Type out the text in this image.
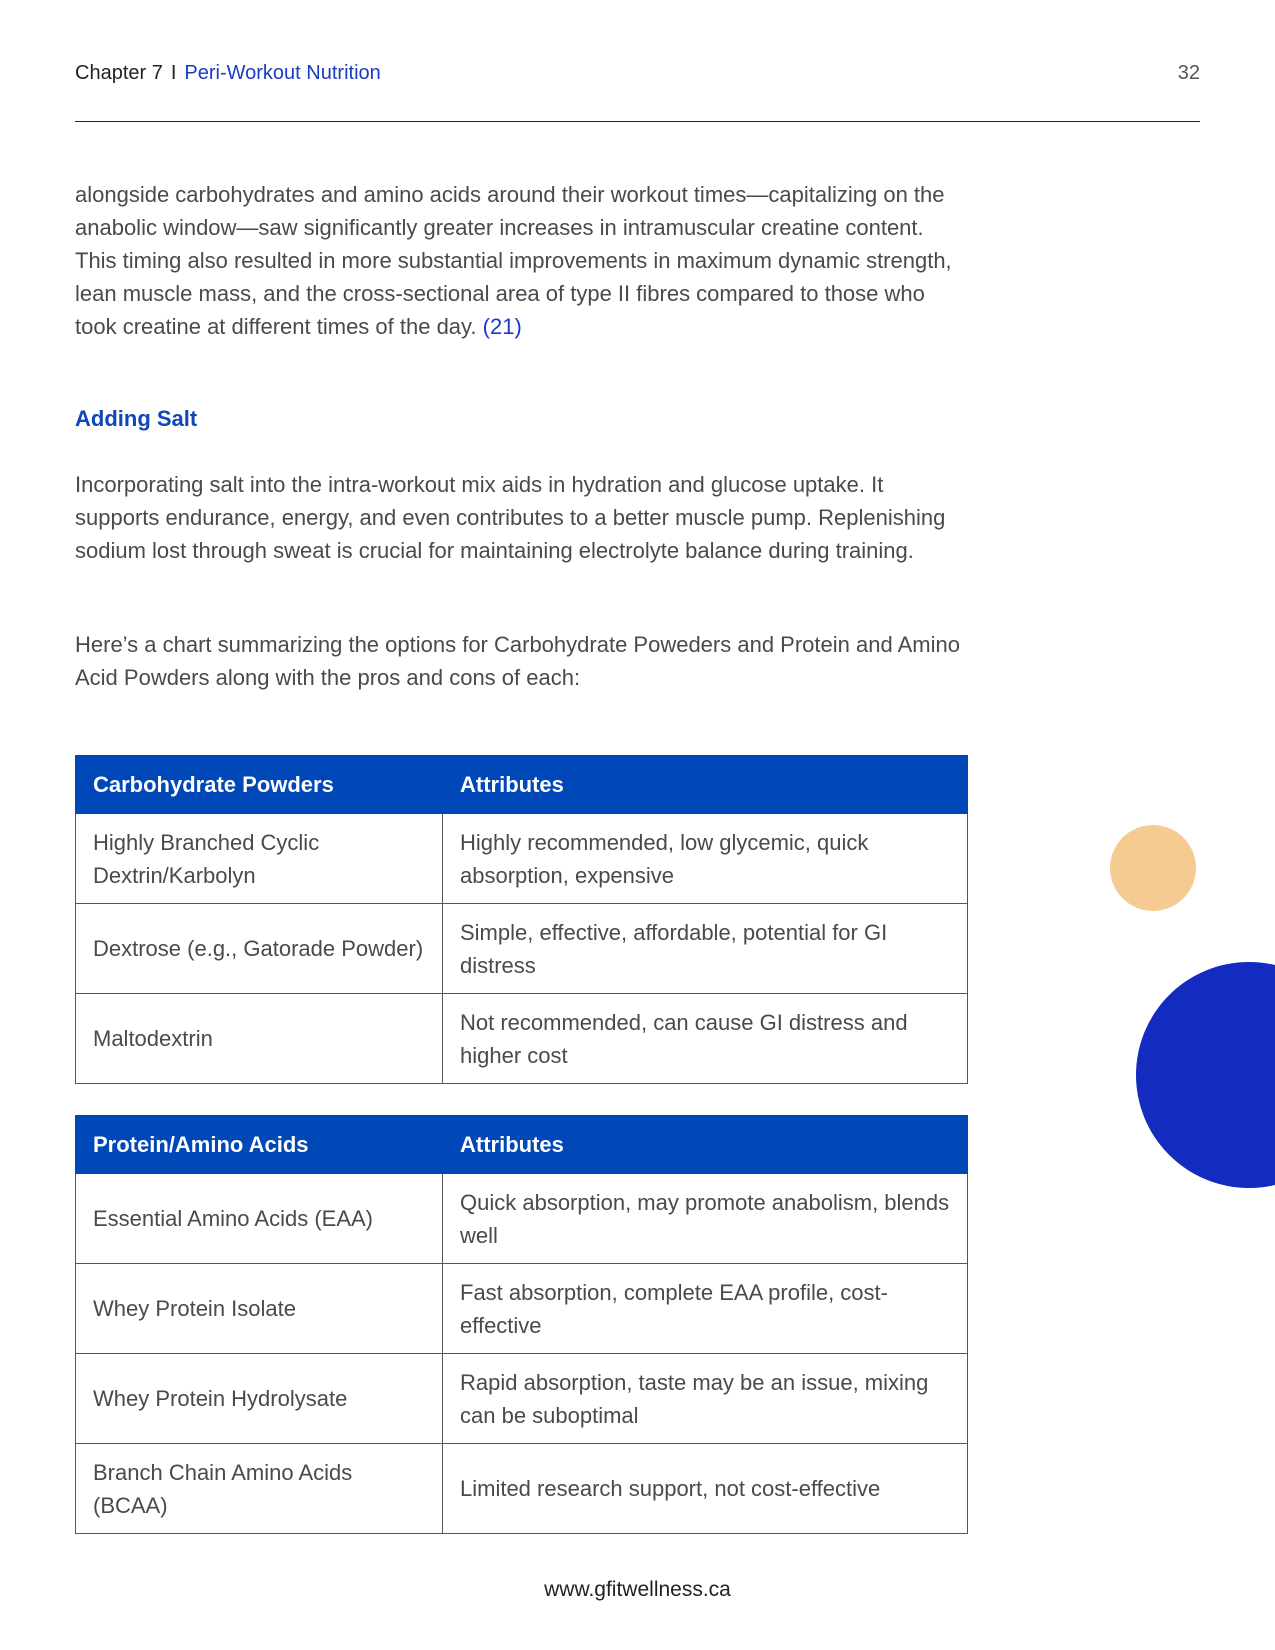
Chapter 7 I Peri-Workout Nutrition	32

alongside carbohydrates and amino acids around their workout times—capitalizing on the anabolic window—saw significantly greater increases in intramuscular creatine content. This timing also resulted in more substantial improvements in maximum dynamic strength, lean muscle mass, and the cross-sectional area of type II fibres compared to those who took creatine at different times of the day. (21)

Adding Salt

Incorporating salt into the intra-workout mix aids in hydration and glucose uptake. It supports endurance, energy, and even contributes to a better muscle pump. Replenishing sodium lost through sweat is crucial for maintaining electrolyte balance during training.

Here’s a chart summarizing the options for Carbohydrate Poweders and Protein and Amino Acid Powders along with the pros and cons of each:

Carbohydrate Powders	Attributes
Highly Branched Cyclic Dextrin/Karbolyn	Highly recommended, low glycemic, quick absorption, expensive
Dextrose (e.g., Gatorade Powder)	Simple, effective, affordable, potential for GI distress
Maltodextrin	Not recommended, can cause GI distress and higher cost
Protein/Amino Acids	Attributes
Essential Amino Acids (EAA)	Quick absorption, may promote anabolism, blends well
Whey Protein Isolate	Fast absorption, complete EAA profile, cost-effective
Whey Protein Hydrolysate	Rapid absorption, taste may be an issue, mixing can be suboptimal
Branch Chain Amino Acids (BCAA)	Limited research support, not cost-effective
www.gfitwellness.ca
